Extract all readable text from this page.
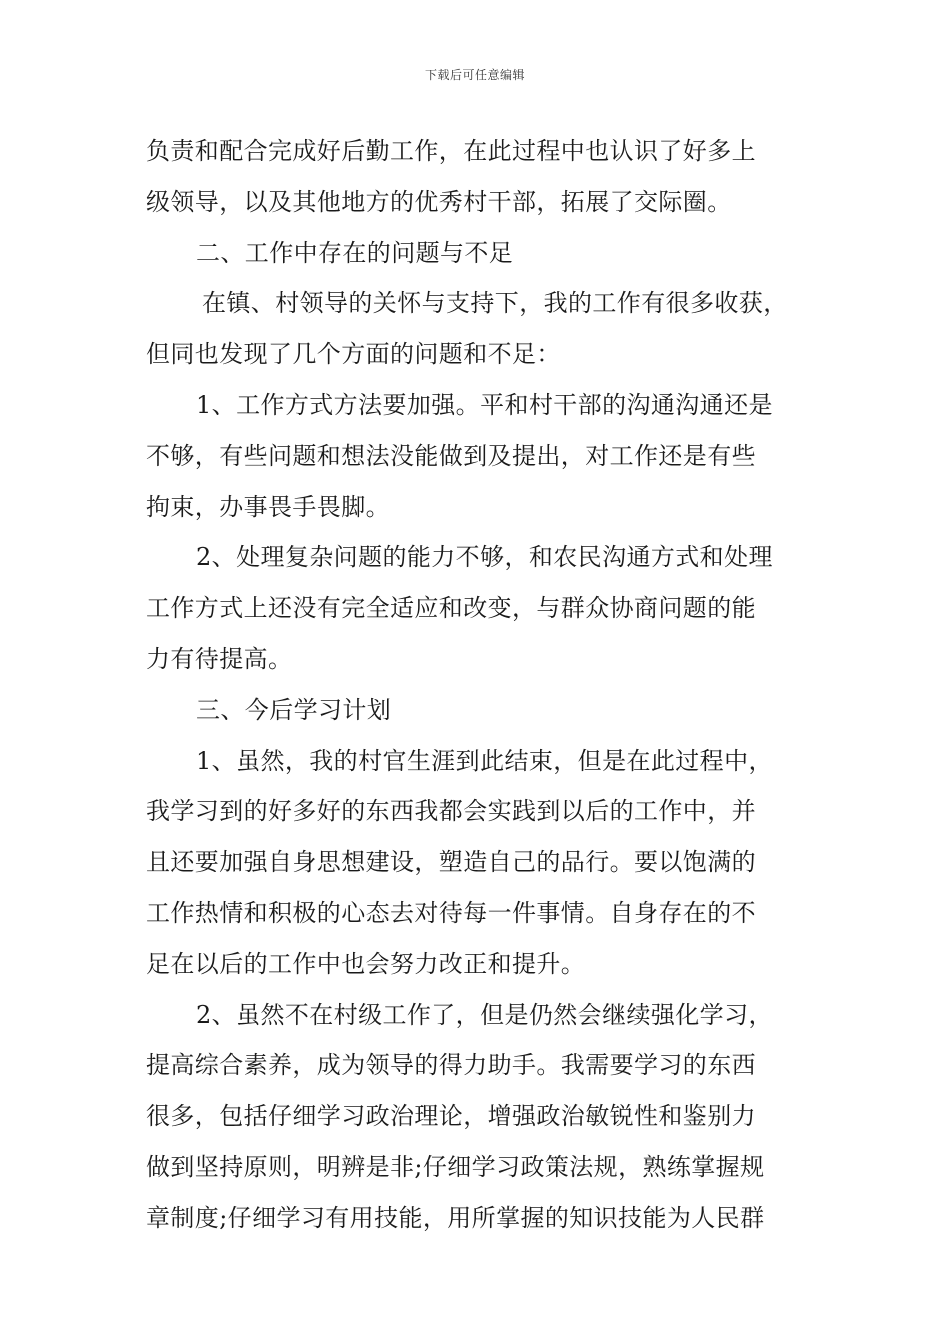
下载后可任意编辑
负责和配合完成好后勤工作，在此过程中也认识了好多上
级领导，以及其他地方的优秀村干部，拓展了交际圈。
二、工作中存在的问题与不足
在镇、村领导的关怀与支持下，我的工作有很多收获，
但同也发现了几个方面的问题和不足：
1、工作方式方法要加强。平和村干部的沟通沟通还是
不够，有些问题和想法没能做到及提出，对工作还是有些
拘束，办事畏手畏脚。
2、处理复杂问题的能力不够，和农民沟通方式和处理
工作方式上还没有完全适应和改变，与群众协商问题的能
力有待提高。
三、今后学习计划
1、虽然，我的村官生涯到此结束，但是在此过程中，
我学习到的好多好的东西我都会实践到以后的工作中，并
且还要加强自身思想建设，塑造自己的品行。要以饱满的
工作热情和积极的心态去对待每一件事情。自身存在的不
足在以后的工作中也会努力改正和提升。
2、虽然不在村级工作了，但是仍然会继续强化学习，
提高综合素养，成为领导的得力助手。我需要学习的东西
很多，包括仔细学习政治理论，增强政治敏锐性和鉴别力
做到坚持原则，明辨是非;仔细学习政策法规，熟练掌握规
章制度;仔细学习有用技能，用所掌握的知识技能为人民群
